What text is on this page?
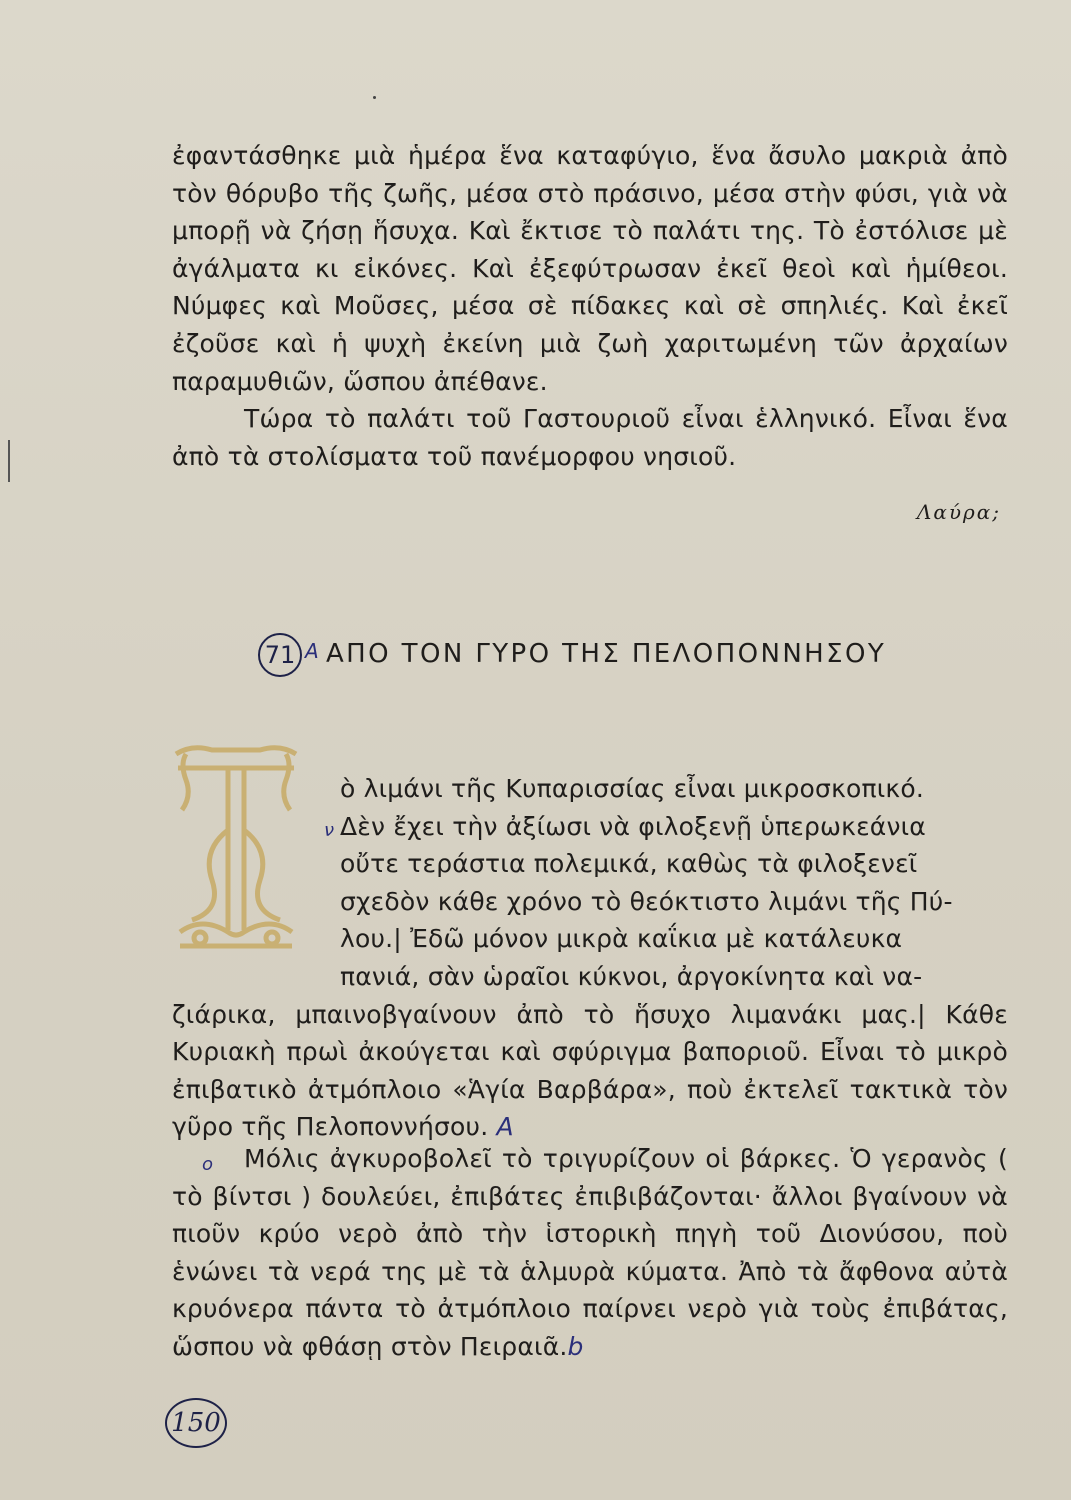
ἐφαντάσθηκε μιὰ ἡμέρα ἕνα καταφύγιο, ἕνα ἄσυλο μακριὰ ἀπὸ τὸν θόρυβο τῆς ζωῆς, μέσα στὸ πράσινο, μέσα στὴν φύσι, γιὰ νὰ μπορῇ νὰ ζήσῃ ἥσυχα. Καὶ ἔκτισε τὸ παλάτι της. Τὸ ἐστόλισε μὲ ἀγάλματα κι εἰκόνες. Καὶ ἐξεφύτρωσαν ἐκεῖ θεοὶ καὶ ἡμίθεοι. Νύμφες καὶ Μοῦσες, μέσα σὲ πίδακες καὶ σὲ σπηλιές. Καὶ ἐκεῖ ἐζοῦσε καὶ ἡ ψυχὴ ἐκείνη μιὰ ζωὴ χαριτωμένη τῶν ἀρχαίων παραμυθιῶν, ὥσπου ἀπέθανε.

Τώρα τὸ παλάτι τοῦ Γαστουριοῦ εἶναι ἑλληνικό. Εἶναι ἕνα ἀπὸ τὰ στολίσματα τοῦ πανέμορφου νησιοῦ.

Λαύρα;
71 Α ΑΠΟ ΤΟΝ ΓΥΡΟ ΤΗΣ ΠΕΛΟΠΟΝΝΗΣΟΥ
ὸ λιμάνι τῆς Κυπαρισσίας εἶναι μικροσκοπικό.
Δὲν ἔχει τὴν ἀξίωσι νὰ φιλοξενῇ ὑπερωκεάνια
οὔτε τεράστια πολεμικά, καθὼς τὰ φιλοξενεῖ
σχεδὸν κάθε χρόνο τὸ θεόκτιστο λιμάνι τῆς Πύ-
λου.| Ἐδῶ μόνον μικρὰ καΐκια μὲ κατάλευκα
πανιά, σὰν ὡραῖοι κύκνοι, ἀργοκίνητα καὶ να-

ζιάρικα, μπαινοβγαίνουν ἀπὸ τὸ ἥσυχο λιμανάκι μας.| Κάθε Κυριακὴ πρωὶ ἀκούγεται καὶ σφύριγμα βαποριοῦ. Εἶναι τὸ μικρὸ ἐπιβατικὸ ἀτμόπλοιο «Ἁγία Βαρβάρα», ποὺ ἐκτελεῖ τακτικὰ τὸν γῦρο τῆς Πελοποννήσου. Α

ν

Μόλις ἀγκυροβολεῖ τὸ τριγυρίζουν οἱ βάρκες. Ὁ γερανὸς ( τὸ βίντσι ) δουλεύει, ἐπιβάτες ἐπιβιβάζονται· ἄλλοι βγαίνουν νὰ πιοῦν κρύο νερὸ ἀπὸ τὴν ἱστορικὴ πηγὴ τοῦ Διονύσου, ποὺ ἑνώνει τὰ νερά της μὲ τὰ ἁλμυρὰ κύματα. Ἀπὸ τὰ ἄφθονα αὐτὰ κρυόνερα πάντα τὸ ἀτμόπλοιο παίρνει νερὸ γιὰ τοὺς ἐπιβάτας, ὥσπου νὰ φθάσῃ στὸν Πειραιᾶ.b

ο
150
